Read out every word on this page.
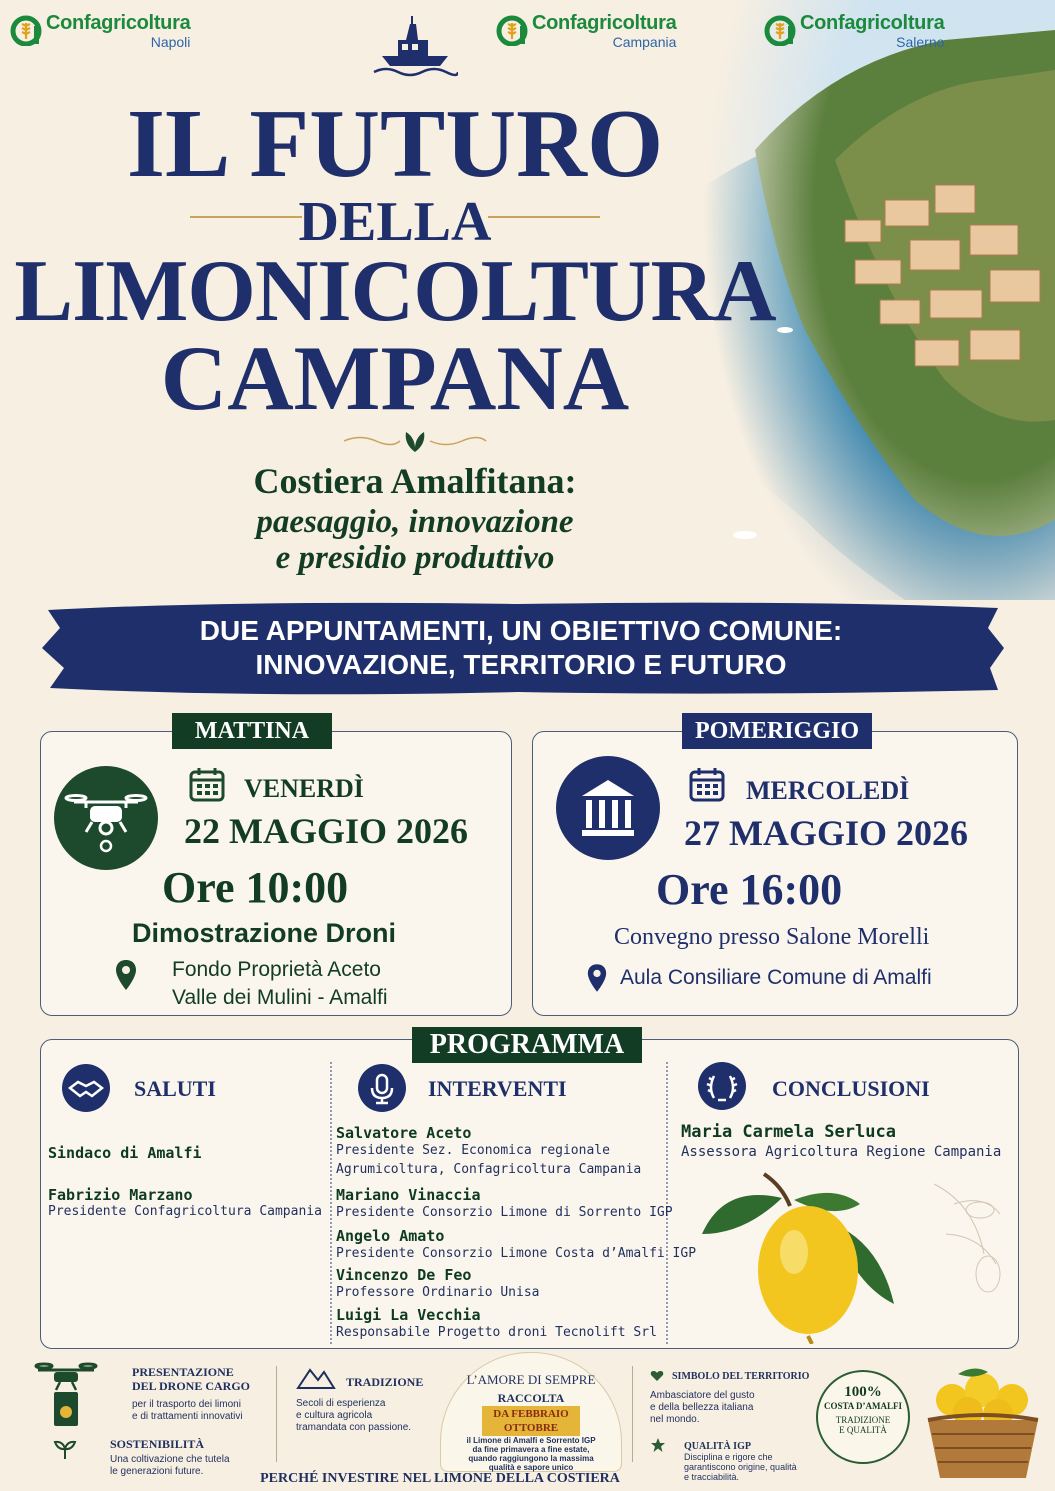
Confagricoltura
Napoli
Confagricoltura
Campania
Confagricoltura
Salerno
IL FUTURO
DELLA
LIMONICOLTURA
CAMPANA
Costiera Amalfitana:
paesaggio, innovazione
e presidio produttivo
DUE APPUNTAMENTI, UN OBIETTIVO COMUNE:
INNOVAZIONE, TERRITORIO E FUTURO
MATTINA
VENERDÌ
22 MAGGIO 2026
Ore 10:00
Dimostrazione Droni
Fondo Proprietà Aceto
Valle dei Mulini - Amalfi
POMERIGGIO
MERCOLEDÌ
27 MAGGIO 2026
Ore 16:00
Convegno presso Salone Morelli
Aula Consiliare Comune di Amalfi
PROGRAMMA
SALUTI
Sindaco di Amalfi
Fabrizio Marzano
Presidente Confagricoltura Campania
INTERVENTI
Salvatore Aceto
Presidente Sez. Economica regionale
Agrumicoltura, Confagricoltura Campania
Mariano Vinaccia
Presidente Consorzio Limone di Sorrento IGP
Angelo Amato
Presidente Consorzio Limone Costa d’Amalfi IGP
Vincenzo De Feo
Professore Ordinario Unisa
Luigi La Vecchia
Responsabile Progetto droni Tecnolift Srl
CONCLUSIONI
Maria Carmela Serluca
Assessora Agricoltura Regione Campania
PRESENTAZIONE
DEL DRONE CARGO
per il trasporto dei limoni
e di trattamenti innovativi
SOSTENIBILITÀ
Una coltivazione che tutela
le generazioni future.
TRADIZIONE
Secoli di esperienza
e cultura agricola
tramandata con passione.
L’AMORE DI SEMPRE
RACCOLTA
DA FEBBRAIO
OTTOBRE
il Limone di Amalfi e Sorrento IGP
da fine primavera a fine estate,
quando raggiungono la massima
qualità e sapore unico
SIMBOLO DEL TERRITORIO
Ambasciatore del gusto
e della bellezza italiana
nel mondo.
QUALITÀ IGP
Disciplina e rigore che
garantiscono origine, qualità
e tracciabilità.
100%
COSTA D’AMALFI
TRADIZIONE
E QUALITÀ
PERCHÉ INVESTIRE NEL LIMONE DELLA COSTIERA
